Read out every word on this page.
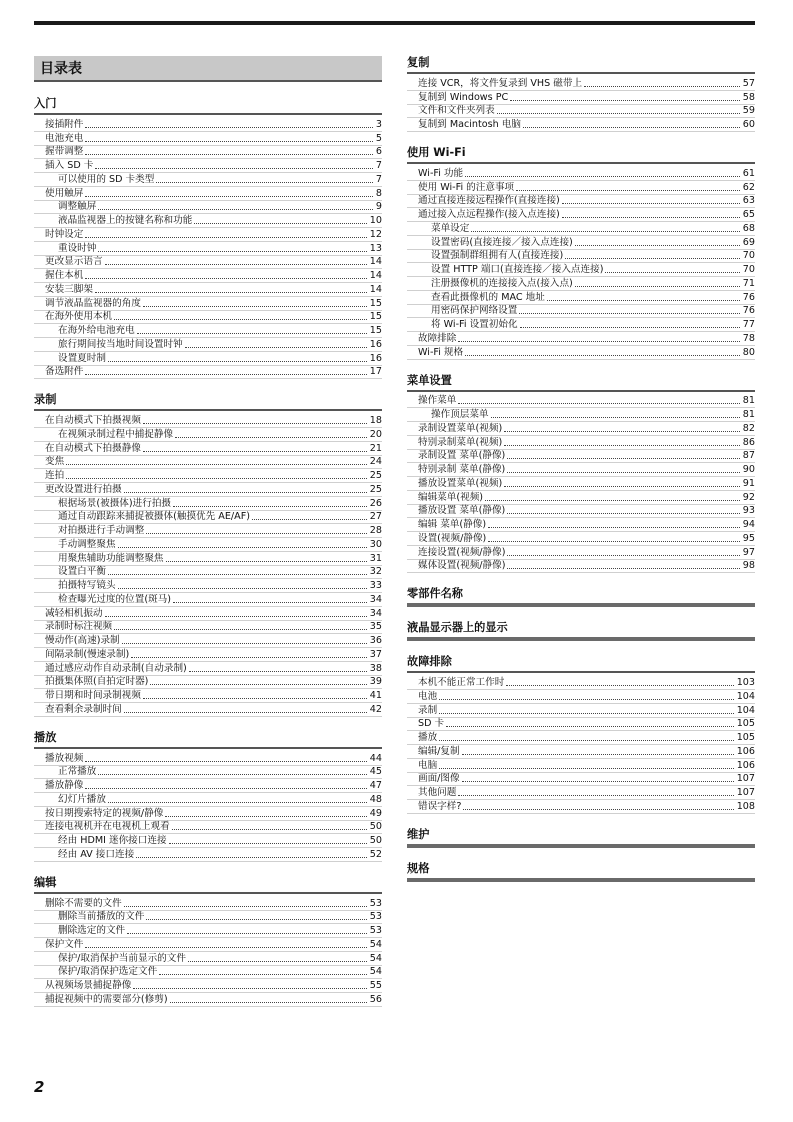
目录表
入门
接插附件	3
电池充电	5
握带调整	6
插入 SD 卡	7
可以使用的 SD 卡类型	7
使用触屏	8
调整触屏	9
液晶监视器上的按键名称和功能	10
时钟设定	12
重设时钟	13
更改显示语言	14
握住本机	14
安装三脚架	14
调节液晶监视器的角度	15
在海外使用本机	15
在海外给电池充电	15
旅行期间按当地时间设置时钟	16
设置夏时制	16
备选附件	17
录制
在自动模式下拍摄视频	18
在视频录制过程中捕捉静像	20
在自动模式下拍摄静像	21
变焦	24
连拍	25
更改设置进行拍摄	25
根据场景(被摄体)进行拍摄	26
通过自动跟踪来捕捉被摄体(触摸优先 AE/AF)	27
对拍摄进行手动调整	28
手动调整聚焦	30
用聚焦辅助功能调整聚焦	31
设置白平衡	32
拍摄特写镜头	33
检查曝光过度的位置(斑马)	34
减轻相机振动	34
录制时标注视频	35
慢动作(高速)录制	36
间隔录制(慢速录制)	37
通过感应动作自动录制(自动录制)	38
拍摄集体照(自拍定时器)	39
带日期和时间录制视频	41
查看剩余录制时间	42
播放
播放视频	44
正常播放	45
播放静像	47
幻灯片播放	48
按日期搜索特定的视频/静像	49
连接电视机并在电视机上观看	50
经由 HDMI 迷你接口连接	50
经由 AV 接口连接	52
编辑
删除不需要的文件	53
删除当前播放的文件	53
删除选定的文件	53
保护文件	54
保护/取消保护当前显示的文件	54
保护/取消保护选定文件	54
从视频场景捕捉静像	55
捕捉视频中的需要部分(修剪)	56
复制
连接 VCR，将文件复录到 VHS 磁带上	57
复制到 Windows PC	58
文件和文件夹列表	59
复制到 Macintosh 电脑	60
使用 Wi-Fi
Wi-Fi 功能	61
使用 Wi-Fi 的注意事项	62
通过直接连接远程操作(直接连接)	63
通过接入点远程操作(接入点连接)	65
菜单设定	68
设置密码(直接连接／接入点连接)	69
设置强制群组拥有人(直接连接)	70
设置 HTTP 端口(直接连接／接入点连接)	70
注册摄像机的连接接入点(接入点)	71
查看此摄像机的 MAC 地址	76
用密码保护网络设置	76
将 Wi-Fi 设置初始化	77
故障排除	78
Wi-Fi 规格	80
菜单设置
操作菜单	81
操作顶层菜单	81
录制设置菜单(视频)	82
特别录制菜单(视频)	86
录制设置 菜单(静像)	87
特别录制 菜单(静像)	90
播放设置菜单(视频)	91
编辑菜单(视频)	92
播放设置 菜单(静像)	93
编辑 菜单(静像)	94
设置(视频/静像)	95
连接设置(视频/静像)	97
媒体设置(视频/静像)	98
零部件名称
液晶显示器上的显示
故障排除
本机不能正常工作时	103
电池	104
录制	104
SD 卡	105
播放	105
编辑/复制	106
电脑	106
画面/图像	107
其他问题	107
错误字样?	108
维护
规格
2
